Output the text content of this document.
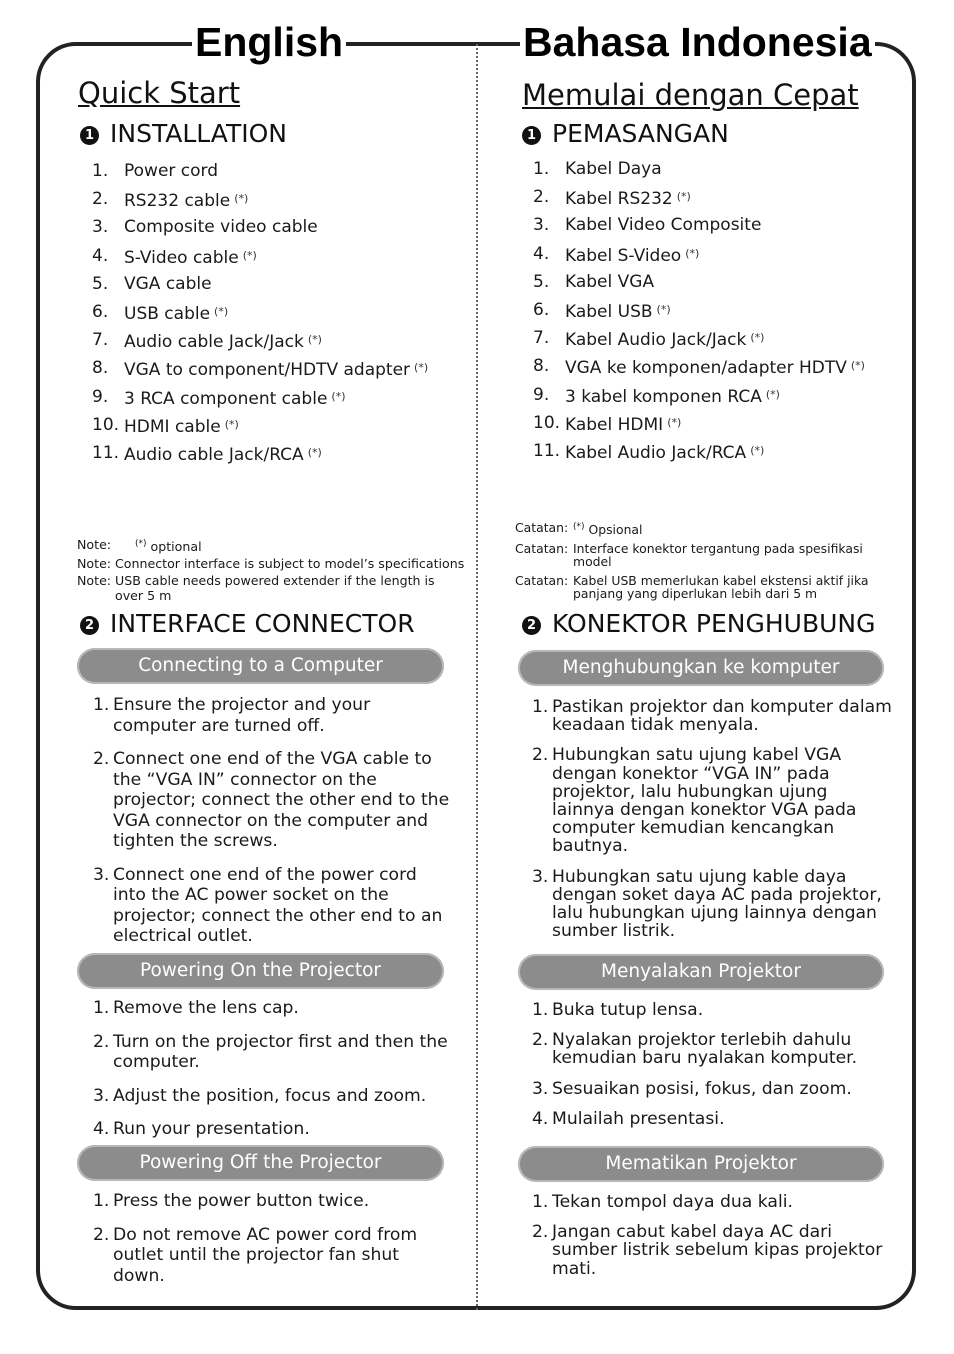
English	Bahasa Indonesia
Quick Start
1 INSTALLATION
1. Power cord
2. RS232 cable (*)
3. Composite video cable
4. S-Video cable (*)
5. VGA cable
6. USB cable (*)
7. Audio cable Jack/Jack (*)
8. VGA to component/HDTV adapter (*)
9. 3 RCA component cable (*)
10. HDMI cable (*)
11. Audio cable Jack/RCA (*)
Note:	(*) optional
Note: Connector interface is subject to model’s specifications
Note: USB cable needs powered extender if the length is over 5 m
2 INTERFACE CONNECTOR
Connecting to a Computer
1. Ensure the projector and your computer are turned off.
2. Connect one end of the VGA cable to the “VGA IN” connector on the projector; connect the other end to the VGA connector on the computer and tighten the screws.
3. Connect one end of the power cord into the AC power socket on the projector; connect the other end to an electrical outlet.
Powering On the Projector
1. Remove the lens cap.
2. Turn on the projector first and then the computer.
3. Adjust the position, focus and zoom.
4. Run your presentation.
Powering Off the Projector
1. Press the power button twice.
2. Do not remove AC power cord from outlet until the projector fan shut down.
Memulai dengan Cepat
1 PEMASANGAN
1. Kabel Daya
2. Kabel RS232 (*)
3. Kabel Video Composite
4. Kabel S-Video (*)
5. Kabel VGA
6. Kabel USB (*)
7. Kabel Audio Jack/Jack (*)
8. VGA ke komponen/adapter HDTV (*)
9. 3 kabel komponen RCA (*)
10. Kabel HDMI (*)
11. Kabel Audio Jack/RCA (*)
Catatan: (*) Opsional
Catatan: Interface konektor tergantung pada spesifikasi model
Catatan: Kabel USB memerlukan kabel ekstensi aktif jika panjang yang diperlukan lebih dari 5 m
2 KONEKTOR PENGHUBUNG
Menghubungkan ke komputer
1. Pastikan projektor dan komputer dalam keadaan tidak menyala.
2. Hubungkan satu ujung kabel VGA dengan konektor “VGA IN” pada projektor, lalu hubungkan ujung lainnya dengan konektor VGA pada computer kemudian kencangkan bautnya.
3. Hubungkan satu ujung kable daya dengan soket daya AC pada projektor, lalu hubungkan ujung lainnya dengan sumber listrik.
Menyalakan Projektor
1. Buka tutup lensa.
2. Nyalakan projektor terlebih dahulu kemudian baru nyalakan komputer.
3. Sesuaikan posisi, fokus, dan zoom.
4. Mulailah presentasi.
Mematikan Projektor
1. Tekan tompol daya dua kali.
2. Jangan cabut kabel daya AC dari sumber listrik sebelum kipas projektor mati.
